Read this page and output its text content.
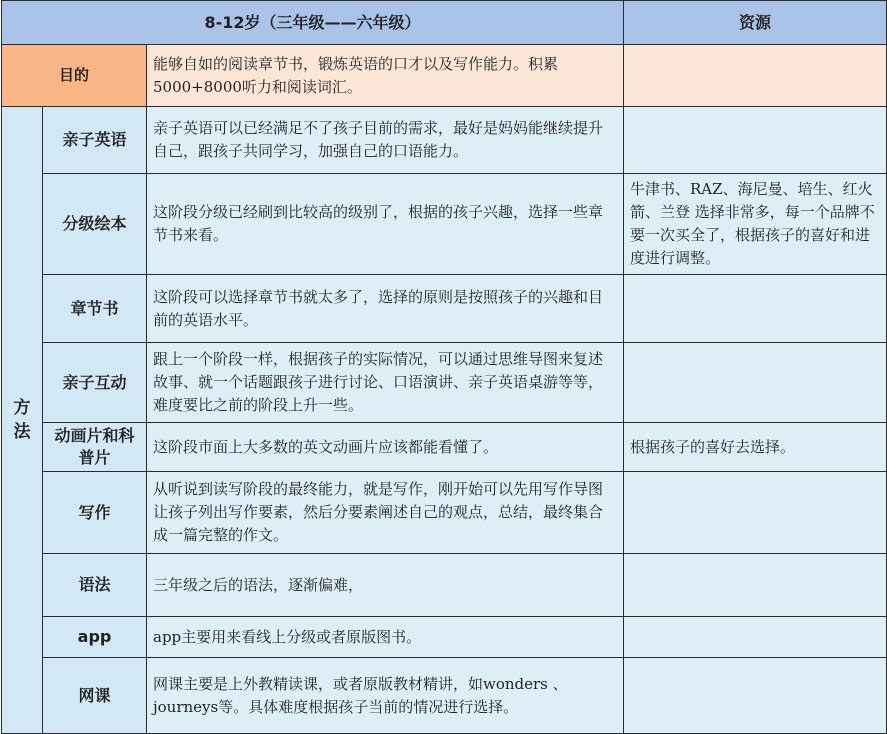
8-12岁（三年级——六年级）			资源
目的		能够自如的阅读章节书，锻炼英语的口才以及写作能力。积累5000+8000听力和阅读词汇。	

方
法	亲子英语	亲子英语可以已经满足不了孩子目前的需求，最好是妈妈能继续提升自己，跟孩子共同学习，加强自己的口语能力。	
	分级绘本	这阶段分级已经刷到比较高的级别了，根据的孩子兴趣，选择一些章节书来看。	牛津书、RAZ、海尼曼、培生、红火箭、兰登 选择非常多，每一个品牌不要一次买全了，根据孩子的喜好和进度进行调整。
	章节书	这阶段可以选择章节书就太多了，选择的原则是按照孩子的兴趣和目前的英语水平。	
	亲子互动	跟上一个阶段一样，根据孩子的实际情况，可以通过思维导图来复述故事、就一个话题跟孩子进行讨论、口语演讲、亲子英语桌游等等，难度要比之前的阶段上升一些。	
	动画片和科普片	这阶段市面上大多数的英文动画片应该都能看懂了。	根据孩子的喜好去选择。
	写作	从听说到读写阶段的最终能力，就是写作，刚开始可以先用写作导图让孩子列出写作要素，然后分要素阐述自己的观点，总结，最终集合成一篇完整的作文。	
	语法	三年级之后的语法，逐渐偏难，	
	app	app主要用来看线上分级或者原版图书。	
	网课	网课主要是上外教精读课，或者原版教材精讲，如wonders 、 journeys等。具体难度根据孩子当前的情况进行选择。	
